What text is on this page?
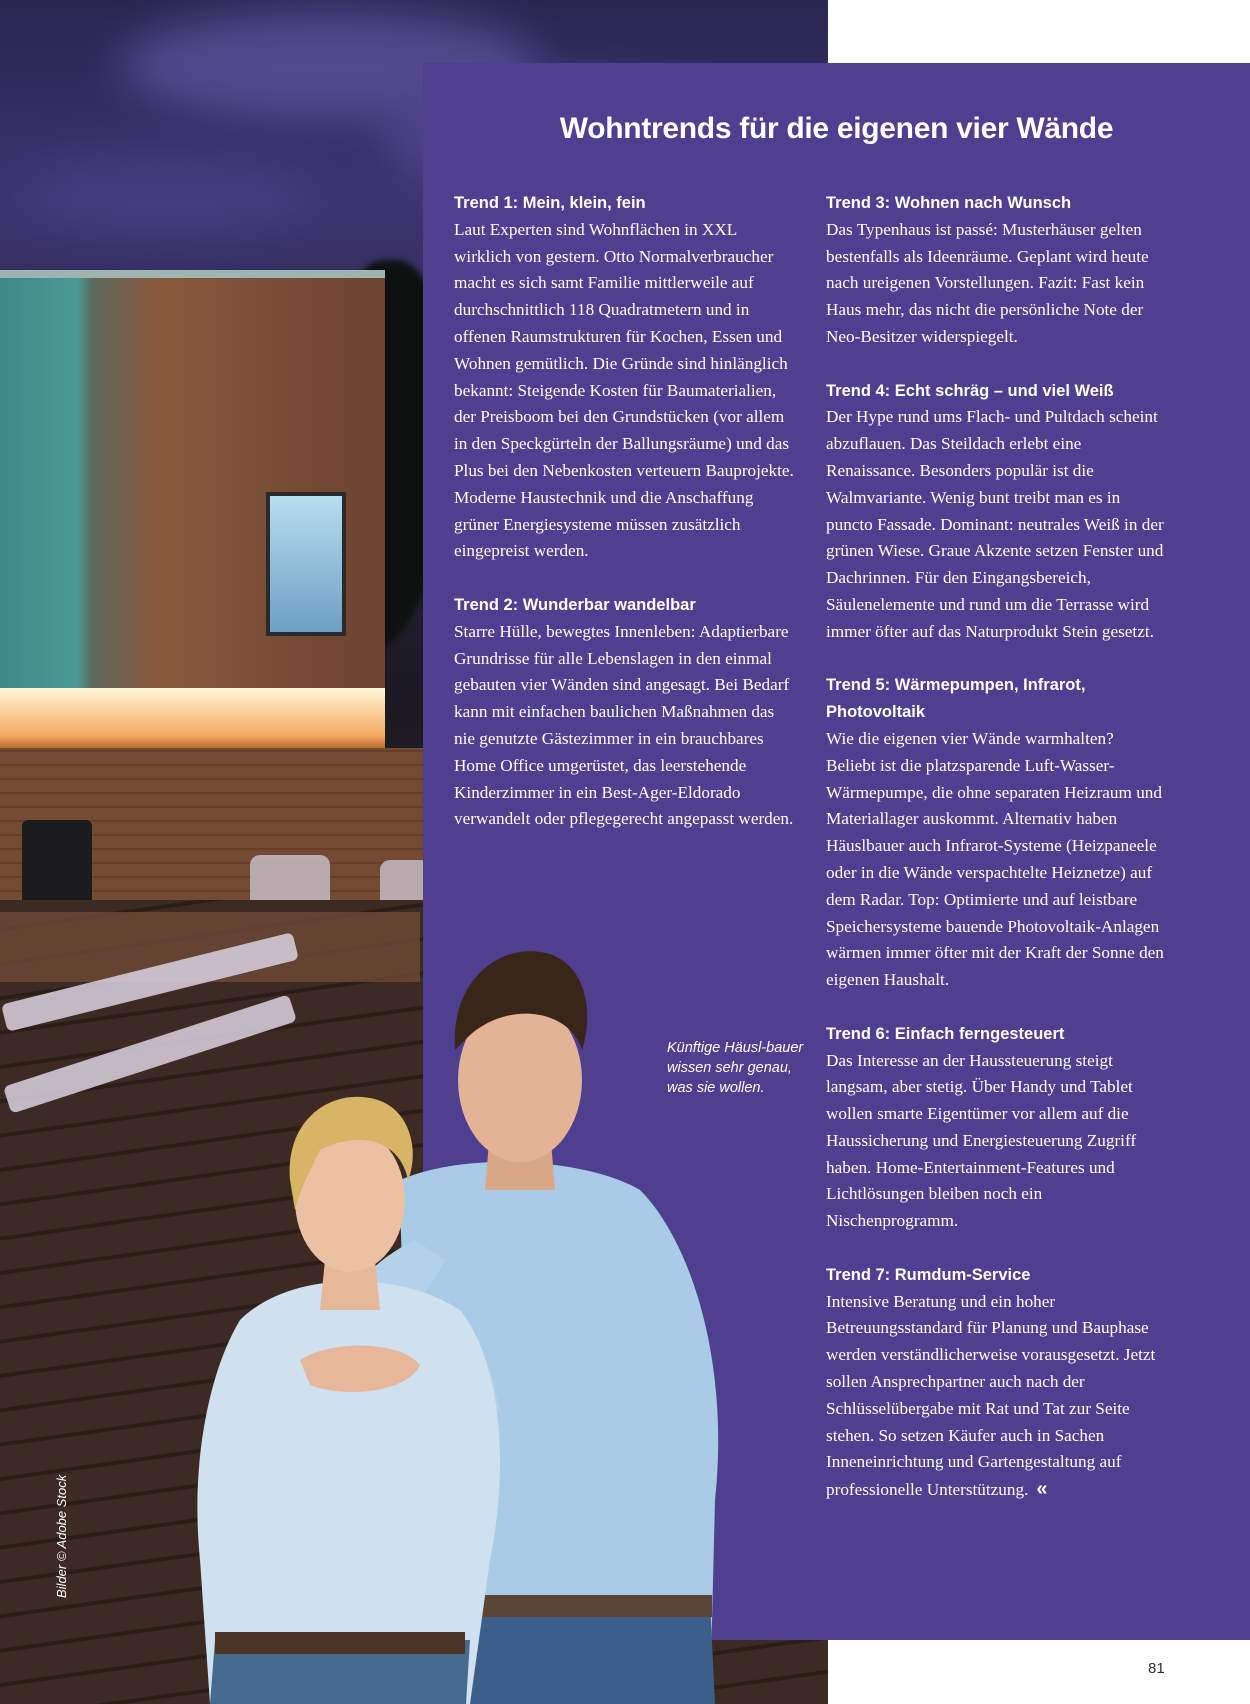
Bilder © Adobe Stock
Wohntrends für die eigenen vier Wände
Trend 1: Mein, klein, fein

Laut Experten sind Wohnflächen in XXL wirklich von gestern. Otto Normalverbraucher macht es sich samt Familie mittlerweile auf durchschnittlich 118 Quadratmetern und in offenen Raumstrukturen für Kochen, Essen und Wohnen gemütlich. Die Gründe sind hinlänglich bekannt: Steigende Kosten für Baumaterialien, der Preisboom bei den Grundstücken (vor allem in den Speckgürteln der Ballungsräume) und das Plus bei den Nebenkosten verteuern Bauprojekte. Moderne Haustechnik und die Anschaffung grüner Energiesysteme müssen zusätzlich eingepreist werden.

Trend 2: Wunderbar wandelbar

Starre Hülle, bewegtes Innenleben: Adaptierbare Grundrisse für alle Lebenslagen in den einmal gebauten vier Wänden sind angesagt. Bei Bedarf kann mit einfachen baulichen Maßnahmen das nie genutzte Gästezimmer in ein brauchbares Home Office umgerüstet, das leerstehende Kinderzimmer in ein Best-Ager-Eldorado verwandelt oder pflegegerecht angepasst werden.

Trend 3: Wohnen nach Wunsch

Das Typenhaus ist passé: Musterhäuser gelten bestenfalls als Ideenräume. Geplant wird heute nach ureigenen Vorstellungen. Fazit: Fast kein Haus mehr, das nicht die persönliche Note der Neo-Besitzer widerspiegelt.

Trend 4: Echt schräg – und viel Weiß

Der Hype rund ums Flach- und Pultdach scheint abzuflauen. Das Steildach erlebt eine Renaissance. Besonders populär ist die Walmvariante. Wenig bunt treibt man es in puncto Fassade. Dominant: neutrales Weiß in der grünen Wiese. Graue Akzente setzen Fenster und Dachrinnen. Für den Eingangsbereich, Säulenelemente und rund um die Terrasse wird immer öfter auf das Naturprodukt Stein gesetzt.

Trend 5: Wärmepumpen, Infrarot, Photovoltaik

Wie die eigenen vier Wände warmhalten? Beliebt ist die platzsparende Luft-Wasser-Wärmepumpe, die ohne separaten Heizraum und Materiallager auskommt. Alternativ haben Häuslbauer auch Infrarot-Systeme (Heizpaneele oder in die Wände verspachtelte Heiznetze) auf dem Radar. Top: Optimierte und auf leistbare Speichersysteme bauende Photovoltaik-Anlagen wärmen immer öfter mit der Kraft der Sonne den eigenen Haushalt.

Trend 6: Einfach ferngesteuert

Das Interesse an der Haussteuerung steigt langsam, aber stetig. Über Handy und Tablet wollen smarte Eigentümer vor allem auf die Haussicherung und Energiesteuerung Zugriff haben. Home-Entertainment-Features und Lichtlösungen bleiben noch ein Nischenprogramm.

Trend 7: Rumdum-Service

Intensive Beratung und ein hoher Betreuungsstandard für Planung und Bauphase werden verständlicherweise vorausgesetzt. Jetzt sollen Ansprechpartner auch nach der Schlüsselübergabe mit Rat und Tat zur Seite stehen. So setzen Käufer auch in Sachen Inneneinrichtung und Gartengestaltung auf professionelle Unterstützung. «

Künftige Häusl-bauer wissen sehr genau, was sie wollen.
81
